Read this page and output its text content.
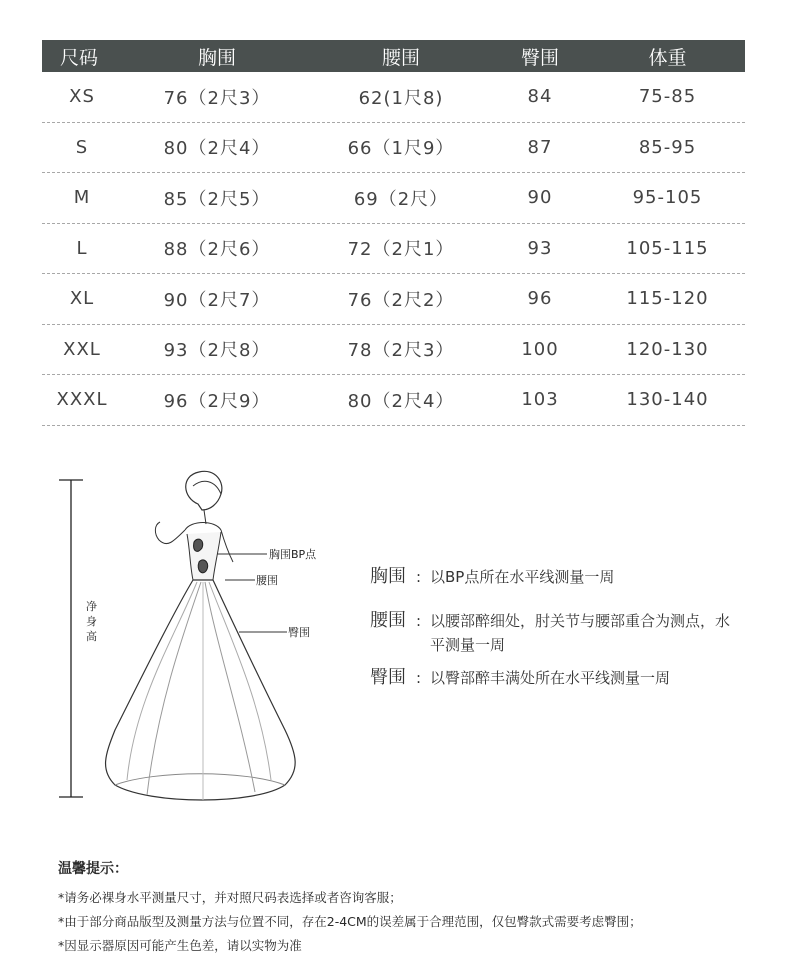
尺码	胸围	腰围	臀围	体重
XS	76（2尺3）	62(1尺8)	84	75-85
S	80（2尺4）	66（1尺9）	87	85-95
M	85（2尺5）	69（2尺）	90	95-105
L	88（2尺6）	72（2尺1）	93	105-115
XL	90（2尺7）	76（2尺2）	96	115-120
XXL	93（2尺8）	78（2尺3）	100	120-130
XXXL	96（2尺9）	80（2尺4）	103	130-140
净
身
高
胸围BP点
腰围
臀围
胸围 : 以BP点所在水平线测量一周
腰围 : 以腰部醉细处，肘关节与腰部重合为测点，水平测量一周
臀围 : 以臀部醉丰满处所在水平线测量一周
温馨提示：
*请务必裸身水平测量尺寸，并对照尺码表选择或者咨询客服；
*由于部分商品版型及测量方法与位置不同，存在2-4CM的误差属于合理范围，仅包臀款式需要考虑臀围；
*因显示器原因可能产生色差，请以实物为准
